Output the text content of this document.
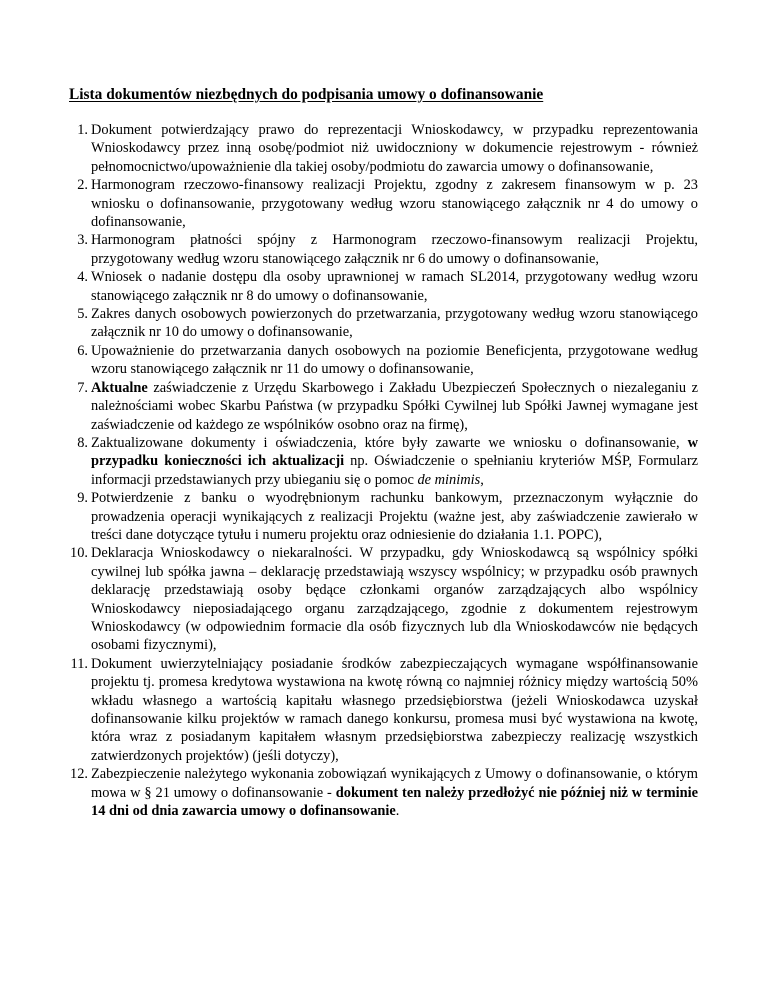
Lista dokumentów niezbędnych do podpisania umowy o dofinansowanie
1. Dokument potwierdzający prawo do reprezentacji Wnioskodawcy, w przypadku reprezentowania Wnioskodawcy przez inną osobę/podmiot niż uwidoczniony w dokumencie rejestrowym - również pełnomocnictwo/upoważnienie dla takiej osoby/podmiotu do zawarcia umowy o dofinansowanie,
2. Harmonogram rzeczowo-finansowy realizacji Projektu, zgodny z zakresem finansowym w p. 23 wniosku o dofinansowanie, przygotowany według wzoru stanowiącego załącznik nr 4 do umowy o dofinansowanie,
3. Harmonogram płatności spójny z Harmonogram rzeczowo-finansowym realizacji Projektu, przygotowany według wzoru stanowiącego załącznik nr 6 do umowy o dofinansowanie,
4. Wniosek o nadanie dostępu dla osoby uprawnionej w ramach SL2014, przygotowany według wzoru stanowiącego załącznik nr 8 do umowy o dofinansowanie,
5. Zakres danych osobowych powierzonych do przetwarzania, przygotowany według wzoru stanowiącego załącznik nr 10 do umowy o dofinansowanie,
6. Upoważnienie do przetwarzania danych osobowych na poziomie Beneficjenta, przygotowane według wzoru stanowiącego załącznik nr 11 do umowy o dofinansowanie,
7. Aktualne zaświadczenie z Urzędu Skarbowego i Zakładu Ubezpieczeń Społecznych o niezaleganiu z należnościami wobec Skarbu Państwa (w przypadku Spółki Cywilnej lub Spółki Jawnej wymagane jest zaświadczenie od każdego ze wspólników osobno oraz na firmę),
8. Zaktualizowane dokumenty i oświadczenia, które były zawarte we wniosku o dofinansowanie, w przypadku konieczności ich aktualizacji np. Oświadczenie o spełnianiu kryteriów MŚP, Formularz informacji przedstawianych przy ubieganiu się o pomoc de minimis,
9. Potwierdzenie z banku o wyodrębnionym rachunku bankowym, przeznaczonym wyłącznie do prowadzenia operacji wynikających z realizacji Projektu (ważne jest, aby zaświadczenie zawierało w treści dane dotyczące tytułu i numeru projektu oraz odniesienie do działania 1.1. POPC),
10. Deklaracja Wnioskodawcy o niekaralności. W przypadku, gdy Wnioskodawcą są wspólnicy spółki cywilnej lub spółka jawna – deklarację przedstawiają wszyscy wspólnicy; w przypadku osób prawnych deklarację przedstawiają osoby będące członkami organów zarządzających albo wspólnicy Wnioskodawcy nieposiadającego organu zarządzającego, zgodnie z dokumentem rejestrowym Wnioskodawcy (w odpowiednim formacie dla osób fizycznych lub dla Wnioskodawców nie będących osobami fizycznymi),
11. Dokument uwierzytelniający posiadanie środków zabezpieczających wymagane współfinansowanie projektu tj. promesa kredytowa wystawiona na kwotę równą co najmniej różnicy między wartością 50% wkładu własnego a wartością kapitału własnego przedsiębiorstwa (jeżeli Wnioskodawca uzyskał dofinansowanie kilku projektów w ramach danego konkursu, promesa musi być wystawiona na kwotę, która wraz z posiadanym kapitałem własnym przedsiębiorstwa zabezpieczy realizację wszystkich zatwierdzonych projektów) (jeśli dotyczy),
12. Zabezpieczenie należytego wykonania zobowiązań wynikających z Umowy o dofinansowanie, o którym mowa w § 21 umowy o dofinansowanie - dokument ten należy przedłożyć nie później niż w terminie 14 dni od dnia zawarcia umowy o dofinansowanie.
